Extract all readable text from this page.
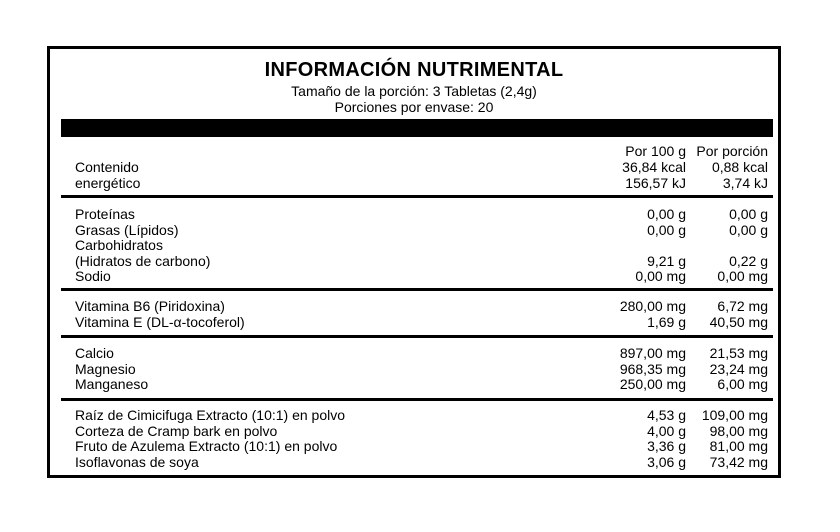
INFORMACIÓN NUTRIMENTAL
Tamaño de la porción: 3 Tabletas (2,4g)
Porciones por envase: 20
Por 100 g Por porción
Contenido
energético
36,84 kcal 0,88 kcal
156,57 kJ	3,74 kJ
Proteínas	0,00 g	0,00 g
Grasas (Lípidos)	0,00 g	0,00 g
Carbohidratos
(Hidratos de carbono)	9,21 g	0,22 g
Sodio	0,00 mg 0,00 mg
Vitamina B6 (Piridoxina)	280,00 mg 6,72 mg
Vitamina E (DL-α-tocoferol)	1,69 g 40,50 mg
Calcio	897,00 mg 21,53 mg
Magnesio	968,35 mg 23,24 mg
Manganeso	250,00 mg 6,00 mg
Raíz de Cimicifuga Extracto (10:1) en polvo	4,53 g 109,00 mg
Corteza de Cramp bark en polvo	4,00 g 98,00 mg
Fruto de Azulema Extracto (10:1) en polvo	3,36 g 81,00 mg
Isoflavonas de soya	3,06 g 73,42 mg
